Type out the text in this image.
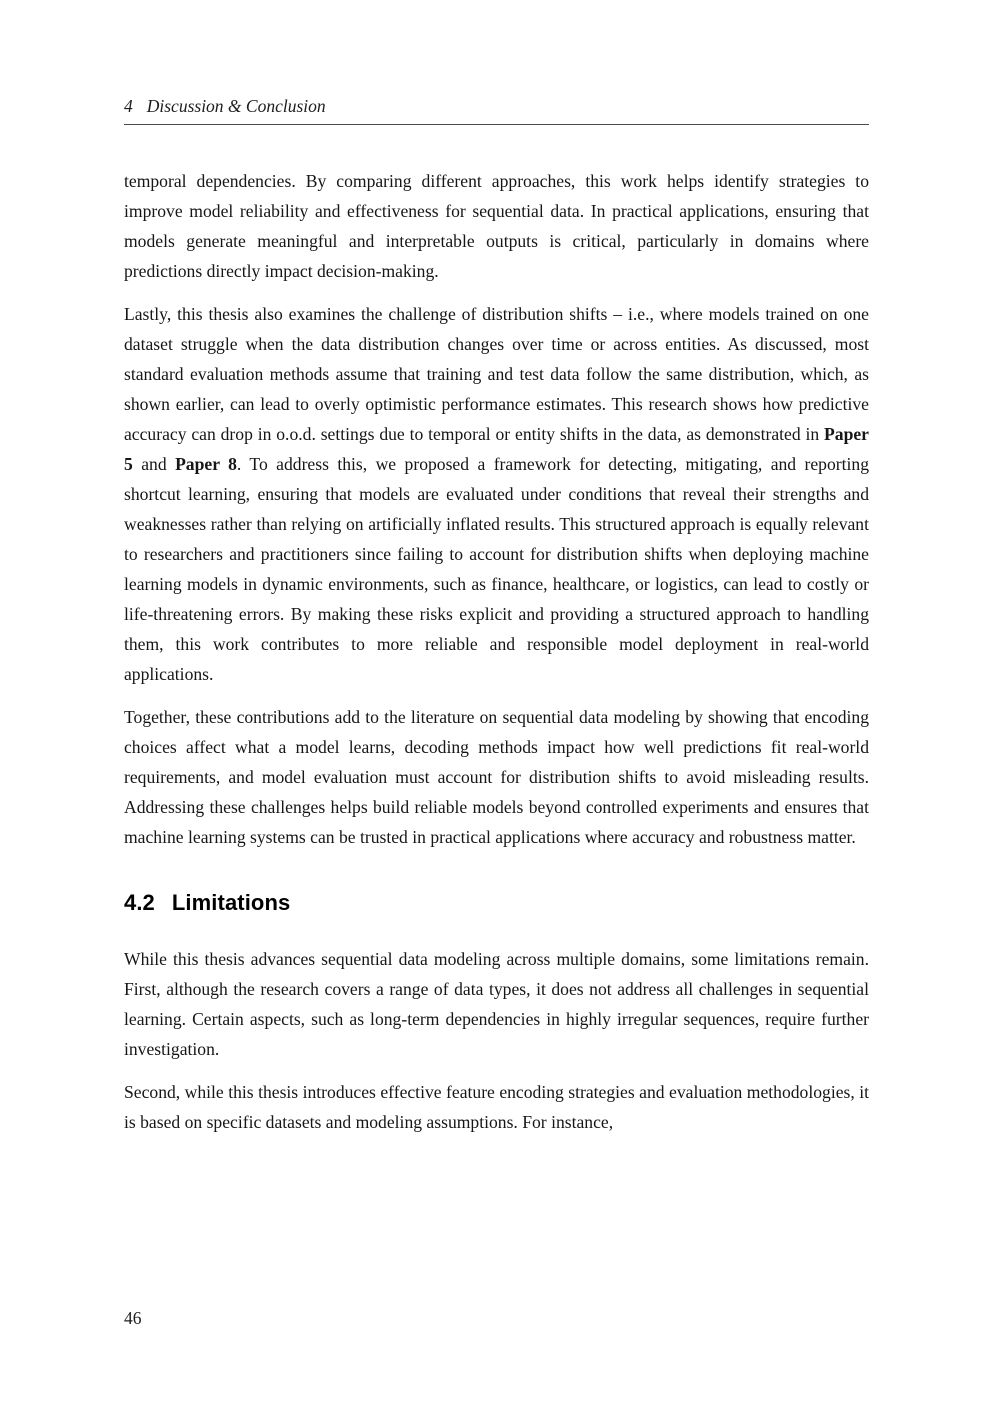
4 Discussion & Conclusion

temporal dependencies. By comparing different approaches, this work helps identify strategies to improve model reliability and effectiveness for sequential data. In practical applications, ensuring that models generate meaningful and interpretable outputs is critical, particularly in domains where predictions directly impact decision-making.

Lastly, this thesis also examines the challenge of distribution shifts – i.e., where models trained on one dataset struggle when the data distribution changes over time or across entities. As discussed, most standard evaluation methods assume that training and test data follow the same distribution, which, as shown earlier, can lead to overly optimistic performance estimates. This research shows how predictive accuracy can drop in o.o.d. settings due to temporal or entity shifts in the data, as demonstrated in Paper 5 and Paper 8. To address this, we proposed a framework for detecting, mitigating, and reporting shortcut learning, ensuring that models are evaluated under conditions that reveal their strengths and weaknesses rather than relying on artificially inflated results. This structured approach is equally relevant to researchers and practitioners since failing to account for distribution shifts when deploying machine learning models in dynamic environments, such as finance, healthcare, or logistics, can lead to costly or life-threatening errors. By making these risks explicit and providing a structured approach to handling them, this work contributes to more reliable and responsible model deployment in real-world applications.

Together, these contributions add to the literature on sequential data modeling by showing that encoding choices affect what a model learns, decoding methods impact how well predictions fit real-world requirements, and model evaluation must account for distribution shifts to avoid misleading results. Addressing these challenges helps build reliable models beyond controlled experiments and ensures that machine learning systems can be trusted in practical applications where accuracy and robustness matter.

4.2 Limitations

While this thesis advances sequential data modeling across multiple domains, some limitations remain. First, although the research covers a range of data types, it does not address all challenges in sequential learning. Certain aspects, such as long-term dependencies in highly irregular sequences, require further investigation.

Second, while this thesis introduces effective feature encoding strategies and evaluation methodologies, it is based on specific datasets and modeling assumptions. For instance,

46
